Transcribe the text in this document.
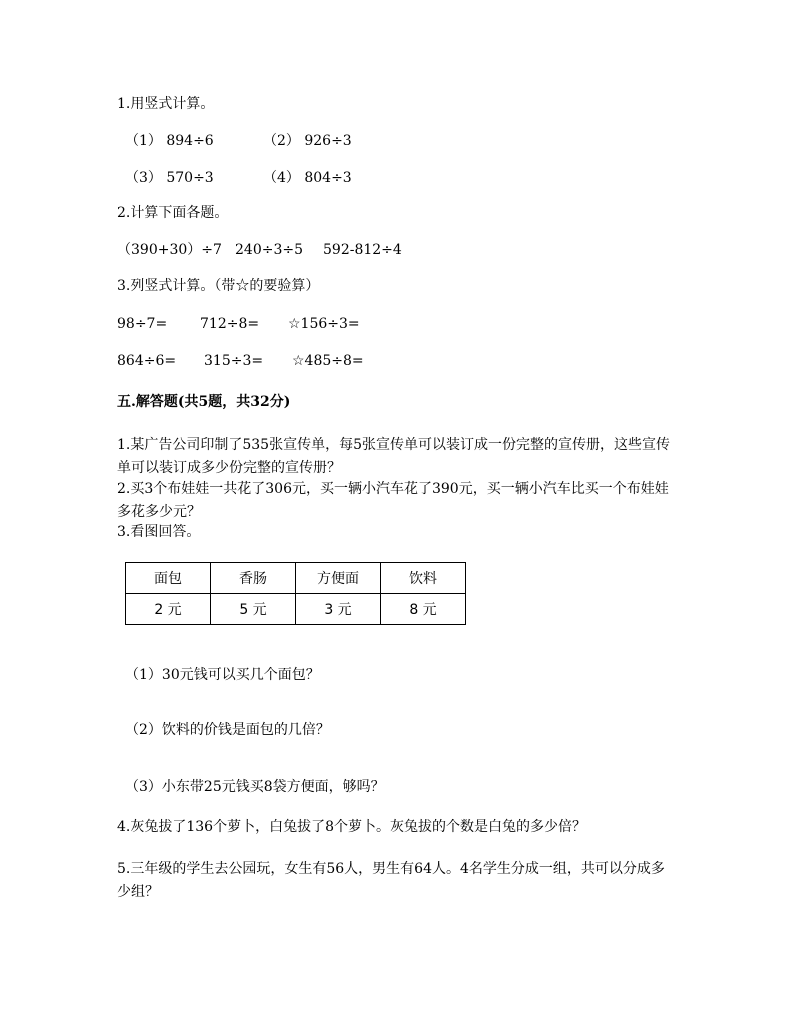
1.用竖式计算。
（1） 894÷6	（2） 926÷3
（3） 570÷3	（4） 804÷3
2.计算下面各题。
（390+30）÷7 240÷3÷5 592-812÷4
3.列竖式计算。（带☆的要验算）
98÷7= 712÷8= ☆156÷3=
864÷6= 315÷3= ☆485÷8=
五.解答题(共5题，共32分)
1.某广告公司印制了535张宣传单，每5张宣传单可以装订成一份完整的宣传册，这些宣传单可以装订成多少份完整的宣传册？
2.买3个布娃娃一共花了306元，买一辆小汽车花了390元，买一辆小汽车比买一个布娃娃多花多少元？
3.看图回答。
面包	香肠	方便面	饮料
2 元	5 元	3 元	8 元
（1）30元钱可以买几个面包？
（2）饮料的价钱是面包的几倍？
（3）小东带25元钱买8袋方便面，够吗？
4.灰兔拔了136个萝卜，白兔拔了8个萝卜。灰兔拔的个数是白兔的多少倍？
5.三年级的学生去公园玩，女生有56人，男生有64人。4名学生分成一组，共可以分成多少组？
